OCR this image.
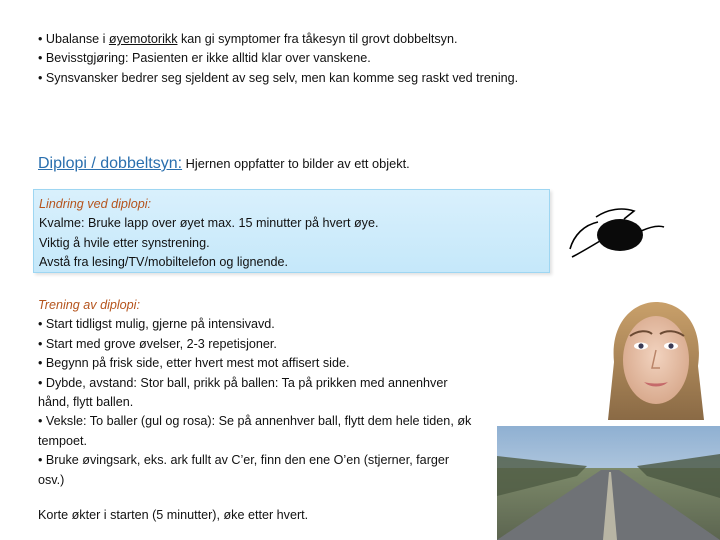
• Ubalanse i øyemotorikk kan gi symptomer fra tåkesyn til grovt dobbeltsyn.

• Bevisstgjøring: Pasienten er ikke alltid klar over vanskene.

• Synsvansker bedrer seg sjeldent av seg selv, men kan komme seg raskt ved trening.

Diplopi / dobbeltsyn: Hjernen oppfatter to bilder av ett objekt.

Lindring ved diplopi:

Kvalme: Bruke lapp over øyet max. 15 minutter på hvert øye.

Viktig å hvile etter synstrening.

Avstå fra lesing/TV/mobiltelefon og lignende.

Trening av diplopi:

• Start tidligst mulig, gjerne på intensivavd.

• Start med grove øvelser, 2-3 repetisjoner.

• Begynn på frisk side, etter hvert mest mot affisert side.

• Dybde, avstand: Stor ball, prikk på ballen: Ta på prikken med annenhver hånd, flytt ballen.

• Veksle: To baller (gul og rosa): Se på annenhver ball, flytt dem hele tiden, øk tempoet.

• Bruke øvingsark, eks. ark fullt av C’er, finn den ene O’en (stjerner, farger osv.)

Korte økter i starten (5 minutter), øke etter hvert.
